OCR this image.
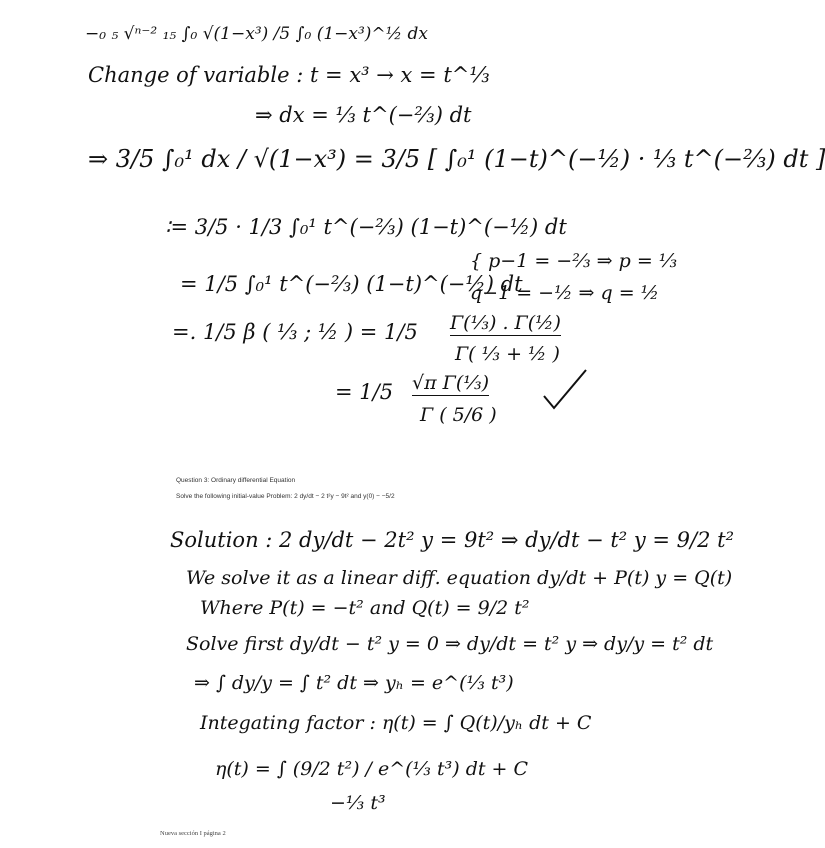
−₀ ₅ √ⁿ⁻² ₁₅ ∫₀ √(1−x³) /5 ∫₀ (1−x³)^½ dx
Change of variable : t = x³ → x = t^⅓
⇒ dx = ⅓ t^(−⅔) dt
⇒ 3/5 ∫₀¹ dx / √(1−x³) = 3/5 [ ∫₀¹ (1−t)^(−½) · ⅓ t^(−⅔) dt ]
∶= 3/5 · 1/3 ∫₀¹ t^(−⅔) (1−t)^(−½) dt
= 1/5 ∫₀¹ t^(−⅔) (1−t)^(−½) dt
{ p−1 = −⅔ ⇒ p = ⅓
q−1 = −½ ⇒ q = ½
=. 1/5 β ( ⅓ ; ½ ) = 1/5 Γ(⅓) . Γ(½)
Γ( ⅓ + ½ )
= 1/5 √π Γ(⅓)
Γ ( 5/6 )
Question 3: Ordinary differential Equation
Solve the following initial-value Problem: 2 dy/dt − 2 t²y − 9t² and y(0) − −5/2
Solution : 2 dy/dt − 2t² y = 9t² ⇒ dy/dt − t² y = 9/2 t²
We solve it as a linear diff. equation dy/dt + P(t) y = Q(t)
Where P(t) = −t² and Q(t) = 9/2 t²
Solve first dy/dt − t² y = 0 ⇒ dy/dt = t² y ⇒ dy/y = t² dt
⇒ ∫ dy/y = ∫ t² dt ⇒ yₕ = e^(⅓ t³)
Integating factor : η(t) = ∫ Q(t)/yₕ dt + C
η(t) = ∫ (9/2 t²) / e^(⅓ t³) dt + C
−⅓ t³
Nueva sección I página 2
